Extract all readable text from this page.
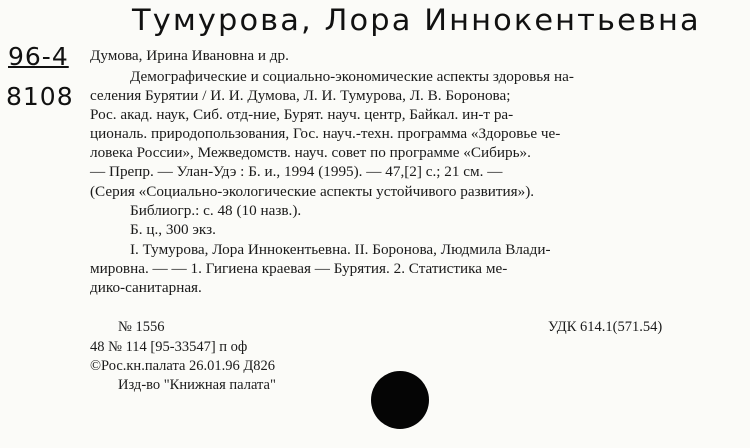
Тумурова, Лора Иннокентьевна
96-4
8108
Думова, Ирина Ивановна и др.
Демографические и социально-экономические аспекты здоровья на-
селения Бурятии / И. И. Думова, Л. И. Тумурова, Л. В. Боронова;
Рос. акад. наук, Сиб. отд-ние, Бурят. науч. центр, Байкал. ин-т ра-
циональ. природопользования, Гос. науч.-техн. программа «Здоровье че-
ловека России», Межведомств. науч. совет по программе «Сибирь».
— Препр. — Улан-Удэ : Б. и., 1994 (1995). — 47,[2] с.; 21 см. —
(Серия «Социально-экологические аспекты устойчивого развития»).
Библиогр.: с. 48 (10 назв.).
Б. ц., 300 экз.
I. Тумурова, Лора Иннокентьевна. II. Боронова, Людмила Влади-
мировна. — — 1. Гигиена краевая — Бурятия. 2. Статистика ме-
дико-санитарная.
№ 1556	УДК 614.1(571.54)
48 № 114 [95-33547] п оф
©Рос.кн.палата 26.01.96 Д826
Изд-во "Книжная палата"
